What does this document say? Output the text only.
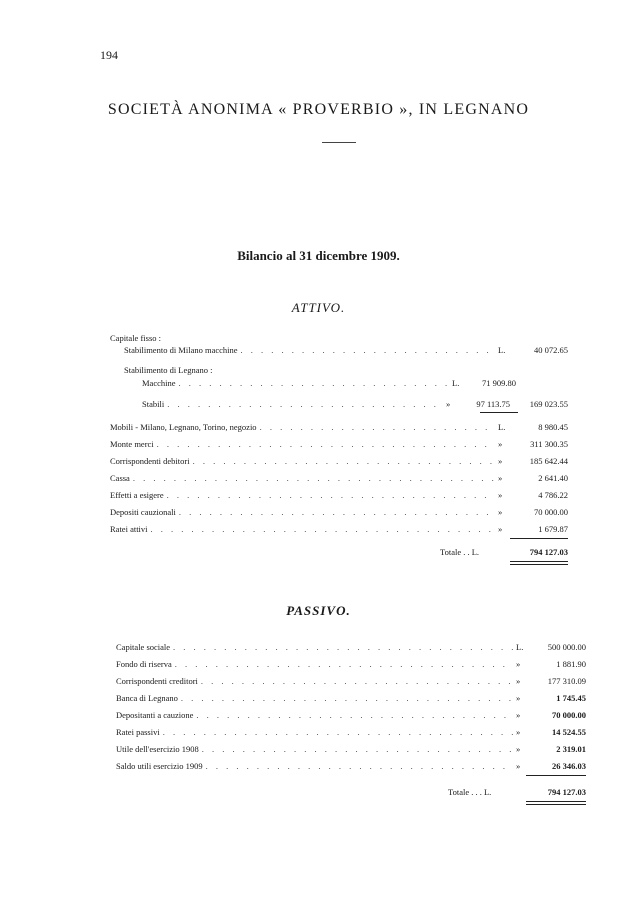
194
SOCIETÀ ANONIMA « PROVERBIO », IN LEGNANO
Bilancio al 31 dicembre 1909.
ATTIVO.
Capitale fisso :
Stabilimento di Milano macchine . . .	L.	40 072.65
Stabilimento di Legnano :
Macchine . . .	L.	71 909.80
Stabili . . .	»	97 113.75	169 023.55
Mobili - Milano, Legnano, Torino, negozio . . .	L.	8 980.45
Monte merci . . .	»	311 300.35
Corrispondenti debitori . . .	»	185 642.44
Cassa . . .	»	2 641.40
Effetti a esigere . . .	»	4 786.22
Depositi cauzionali . . .	»	70 000.00
Ratei attivi . . .	»	1 679.87
Totale . . L.	794 127.03
PASSIVO.
Capitale sociale . . .	L.	500 000.00
Fondo di riserva . . .	»	1 881.90
Corrispondenti creditori . . .	»	177 310.09
Banca di Legnano . . .	»	1 745.45
Depositanti a cauzione . . .	»	70 000.00
Ratei passivi . . .	»	14 524.55
Utile dell'esercizio 1908 . . .	»	2 319.01
Saldo utili esercizio 1909 . . .	»	26 346.03
Totale . . . L.	794 127.03
